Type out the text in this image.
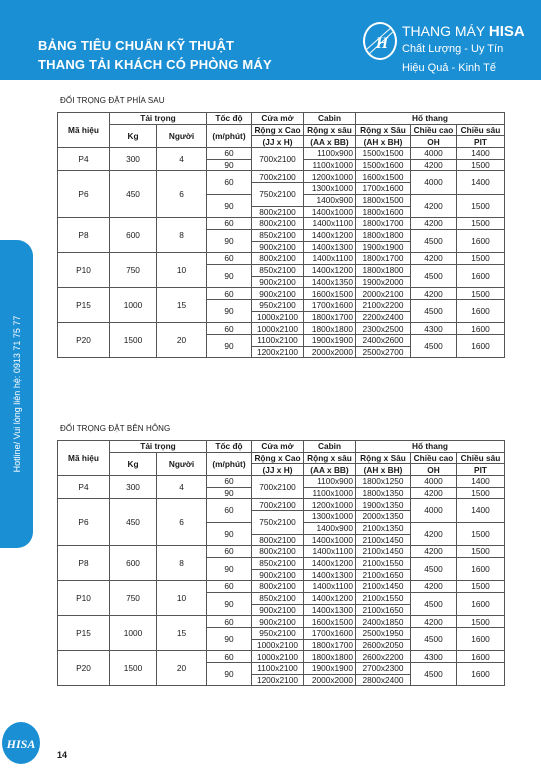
BẢNG TIÊU CHUẨN KỸ THUẬT
THANG TẢI KHÁCH CÓ PHÒNG MÁY
H
THANG MÁY HISA
Chất Lượng - Uy Tín
Hiệu Quả - Kinh Tế
Hotline/ Vui lòng liên hệ: 0913 71 75 77
ĐỐI TRỌNG ĐẶT PHÍA SAU
ĐỐI TRỌNG ĐẶT BÊN HÔNG
Mã hiệu	Tải trọng		Tốc độ	Cửa mở	Cabin	Hố thang		
	Kg	Người	(m/phút)	Rộng x Cao	Rộng x sâu	Rộng x Sâu	Chiều cao	Chiều sâu
				(JJ x H)	(AA x BB)	(AH x BH)	OH	PIT
P4	300	4	60	700x2100	1100x900	1500x1500	4000	1400
			90		1100x1000	1500x1600	4200	1500
P6	450	6	60	700x2100	1200x1000	1600x1500	4000	1400
				750x2100	1300x1000	1700x1600		
			90		1400x900	1800x1500	4200	1500
				800x2100	1400x1000	1800x1600		
P8	600	8	60	800x2100	1400x1100	1800x1700	4200	1500
			90	850x2100	1400x1200	1800x1800	4500	1600
				900x2100	1400x1300	1900x1900		
P10	750	10	60	800x2100	1400x1100	1800x1700	4200	1500
			90	850x2100	1400x1200	1800x1800	4500	1600
				900x2100	1400x1350	1900x2000		
P15	1000	15	60	900x2100	1600x1500	2000x2100	4200	1500
			90	950x2100	1700x1600	2100x2200	4500	1600
				1000x2100	1800x1700	2200x2400		
P20	1500	20	60	1000x2100	1800x1800	2300x2500	4300	1600
			90	1100x2100	1900x1900	2400x2600	4500	1600
				1200x2100	2000x2000	2500x2700		
Mã hiệu	Tải trọng		Tốc độ	Cửa mở	Cabin	Hố thang		
	Kg	Người	(m/phút)	Rộng x Cao	Rộng x sâu	Rộng x Sâu	Chiều cao	Chiều sâu
				(JJ x H)	(AA x BB)	(AH x BH)	OH	PIT
P4	300	4	60	700x2100	1100x900	1800x1250	4000	1400
			90		1100x1000	1800x1350	4200	1500
P6	450	6	60	700x2100	1200x1000	1900x1350	4000	1400
				750x2100	1300x1000	2000x1350		
			90		1400x900	2100x1350	4200	1500
				800x2100	1400x1000	2100x1450		
P8	600	8	60	800x2100	1400x1100	2100x1450	4200	1500
			90	850x2100	1400x1200	2100x1550	4500	1600
				900x2100	1400x1300	2100x1650		
P10	750	10	60	800x2100	1400x1100	2100x1450	4200	1500
			90	850x2100	1400x1200	2100x1550	4500	1600
				900x2100	1400x1300	2100x1650		
P15	1000	15	60	900x2100	1600x1500	2400x1850	4200	1500
			90	950x2100	1700x1600	2500x1950	4500	1600
				1000x2100	1800x1700	2600x2050		
P20	1500	20	60	1000x2100	1800x1800	2600x2200	4300	1600
			90	1100x2100	1900x1900	2700x2300	4500	1600
				1200x2100	2000x2000	2800x2400		
HISA
14
